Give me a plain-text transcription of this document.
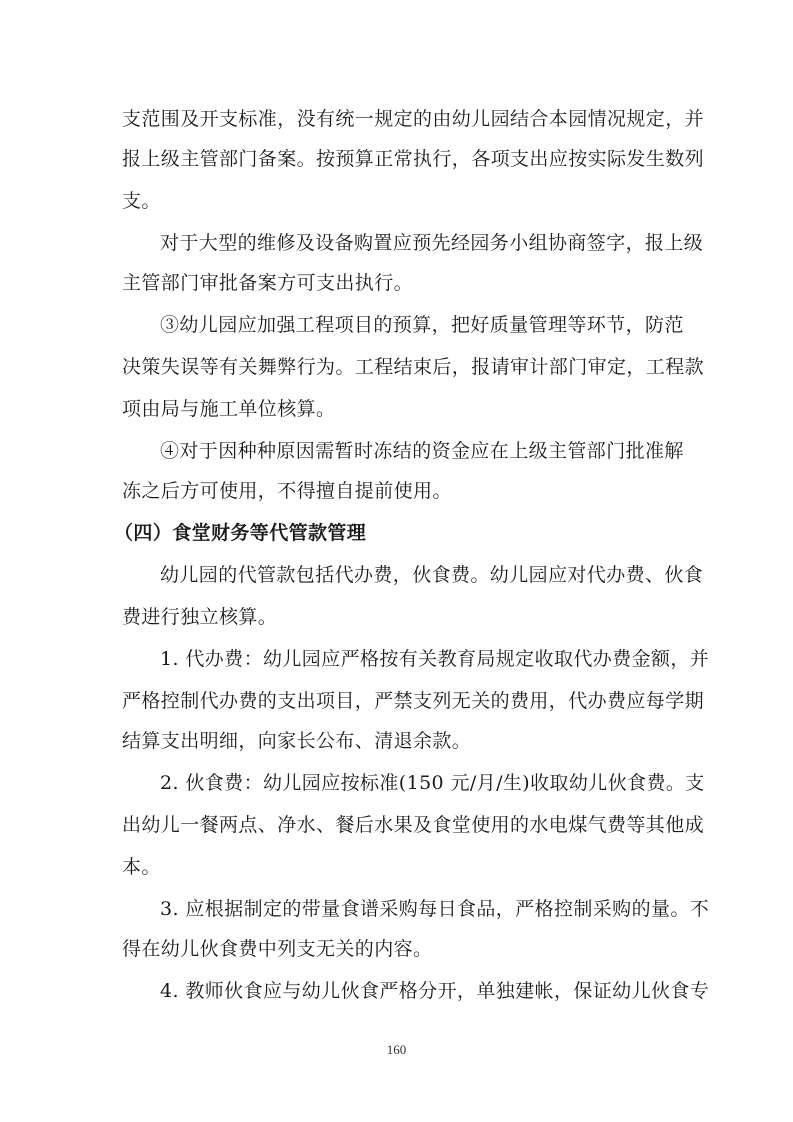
支范围及开支标准，没有统一规定的由幼儿园结合本园情况规定，并
报上级主管部门备案。按预算正常执行，各项支出应按实际发生数列
支。
对于大型的维修及设备购置应预先经园务小组协商签字，报上级
主管部门审批备案方可支出执行。
③幼儿园应加强工程项目的预算，把好质量管理等环节，防范
决策失误等有关舞弊行为。工程结束后，报请审计部门审定，工程款
项由局与施工单位核算。
④对于因种种原因需暂时冻结的资金应在上级主管部门批准解
冻之后方可使用，不得擅自提前使用。
（四）食堂财务等代管款管理
幼儿园的代管款包括代办费，伙食费。幼儿园应对代办费、伙食
费进行独立核算。
1. 代办费：幼儿园应严格按有关教育局规定收取代办费金额，并
严格控制代办费的支出项目，严禁支列无关的费用，代办费应每学期
结算支出明细，向家长公布、清退余款。
2. 伙食费：幼儿园应按标准(150 元/月/生)收取幼儿伙食费。支
出幼儿一餐两点、净水、餐后水果及食堂使用的水电煤气费等其他成
本。
3. 应根据制定的带量食谱采购每日食品，严格控制采购的量。不
得在幼儿伙食费中列支无关的内容。
4. 教师伙食应与幼儿伙食严格分开，单独建帐，保证幼儿伙食专
160
